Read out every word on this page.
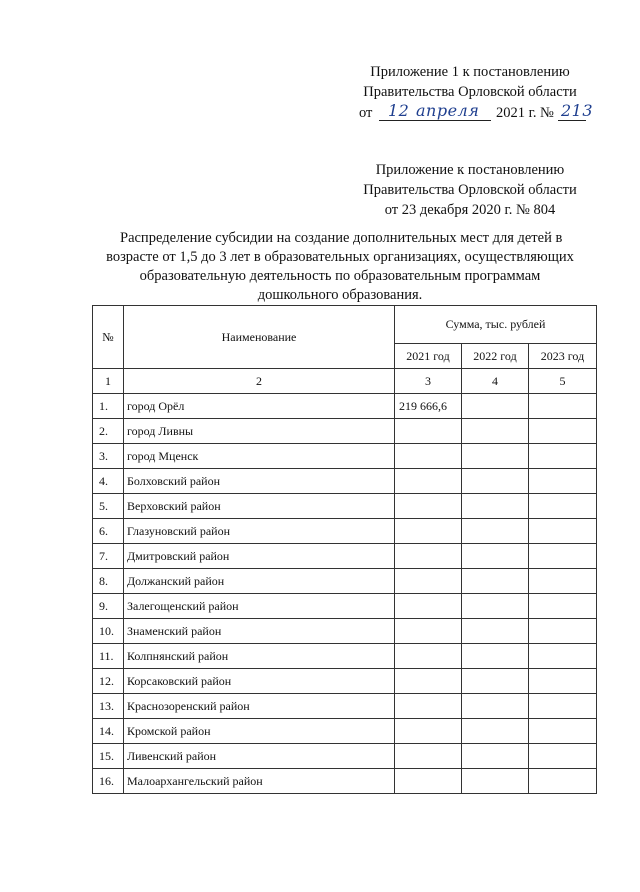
Приложение 1 к постановлению
Правительства Орловской области
от 12 апреля 2021 г. № 213
Приложение к постановлению
Правительства Орловской области
от 23 декабря 2020 г. № 804
Распределение субсидии на создание дополнительных мест для детей в
возрасте от 1,5 до 3 лет в образовательных организациях, осуществляющих
образовательную деятельность по образовательным программам
дошкольного образования.
№	Наименование	Сумма, тыс. рублей		
		2021 год	2022 год	2023 год
1	2	3	4	5
1.	город Орёл	219 666,6		
2.	город Ливны			
3.	город Мценск			
4.	Болховский район			
5.	Верховский район			
6.	Глазуновский район			
7.	Дмитровский район			
8.	Должанский район			
9.	Залегощенский район			
10.	Знаменский район			
11.	Колпнянский район			
12.	Корсаковский район			
13.	Краснозоренский район			
14.	Кромской район			
15.	Ливенский район			
16.	Малоархангельский район			
